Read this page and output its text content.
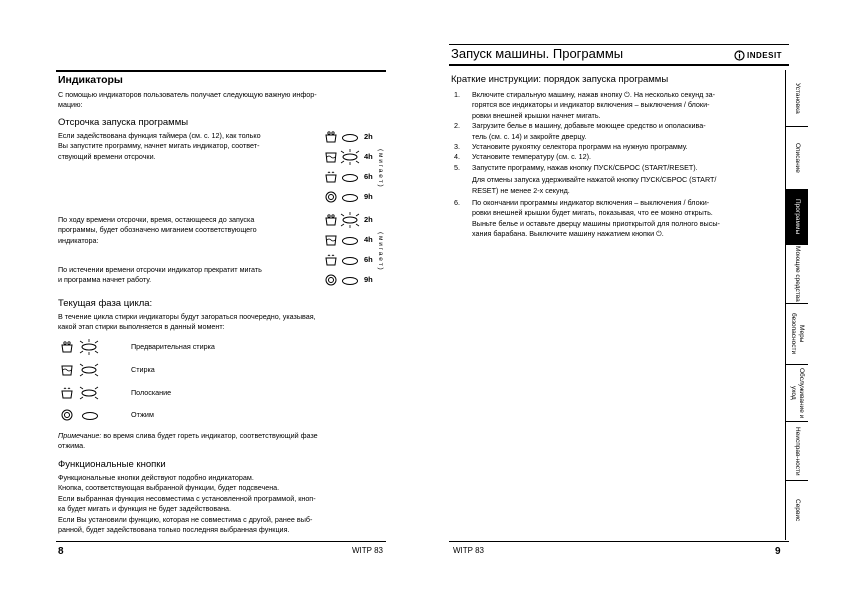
Индикаторы

С помощью индикаторов пользователь получает следующую важную инфор-

мацию:

Отсрочка запуска программы

Если задействована функция таймера (см. с. 12), как только

Вы запустите программу, начнет мигать индикатор, соответ-

ствующий времени отсрочки.

По ходу времени отсрочки, время, остающееся до запуска

программы, будет обозначено миганием соответствующего

индикатора:

По истечении времени отсрочки индикатор прекратит мигать

и программа начнет работу.

2h
4h
6h
9h
( м и г а е т )
2h
4h
6h
9h
( м и г а е т )
Текущая фаза цикла:

В течение цикла стирки индикаторы будут загораться поочередно, указывая,

какой этап стирки выполняется в данный момент:

Предварительная стирка
Стирка
Полоскание
Отжим

Примечание: во время слива будет гореть индикатор, соответствующий фазе

отжима.

Функциональные кнопки

Функциональные кнопки действуют подобно индикаторам.

Кнопка, соответствующая выбранной функции, будет подсвечена.

Если выбранная функция несовместима с установленной программой, кноп-

ка будет мигать и функция не будет задействована.

Если Вы установили функцию, которая не совместима с другой, ранее выб-

ранной, будет задействована только последняя выбранная функция.

8	WITP 83
Запуск машины. Программы	INDESIT
Краткие инструкции: порядок запуска программы
1. Включите стиральную машину, нажав кнопку ⏻. На несколько секунд за-

горятся все индикаторы и индикатор включения – выключения / блоки-

ровки внешней крышки начнет мигать.

2. Загрузите белье в машину, добавьте моющее средство и ополаскива-

тель (см. с. 14) и закройте дверцу.

3. Установите рукоятку селектора программ на нужную программу.

4. Установите температуру (см. с. 12).

5. Запустите программу, нажав кнопку ПУСК/СБРОС (START/RESET).

Для отмены запуска удерживайте нажатой кнопку ПУСК/СБРОС (START/

RESET) не менее 2-х секунд.

6. По окончании программы индикатор включения – выключения / блоки-

ровки внешней крышки будет мигать, показывая, что ее можно открыть.

Выньте белье и оставьте дверцу машины приоткрытой для полного высы-

хания барабана. Выключите машину нажатием кнопки ⏻.

Установка
Описание
Программы
Моющие средства
Меры безопасности
Обслуживание и уход
Неисправ-ности
Сервис
WITP 83	9
